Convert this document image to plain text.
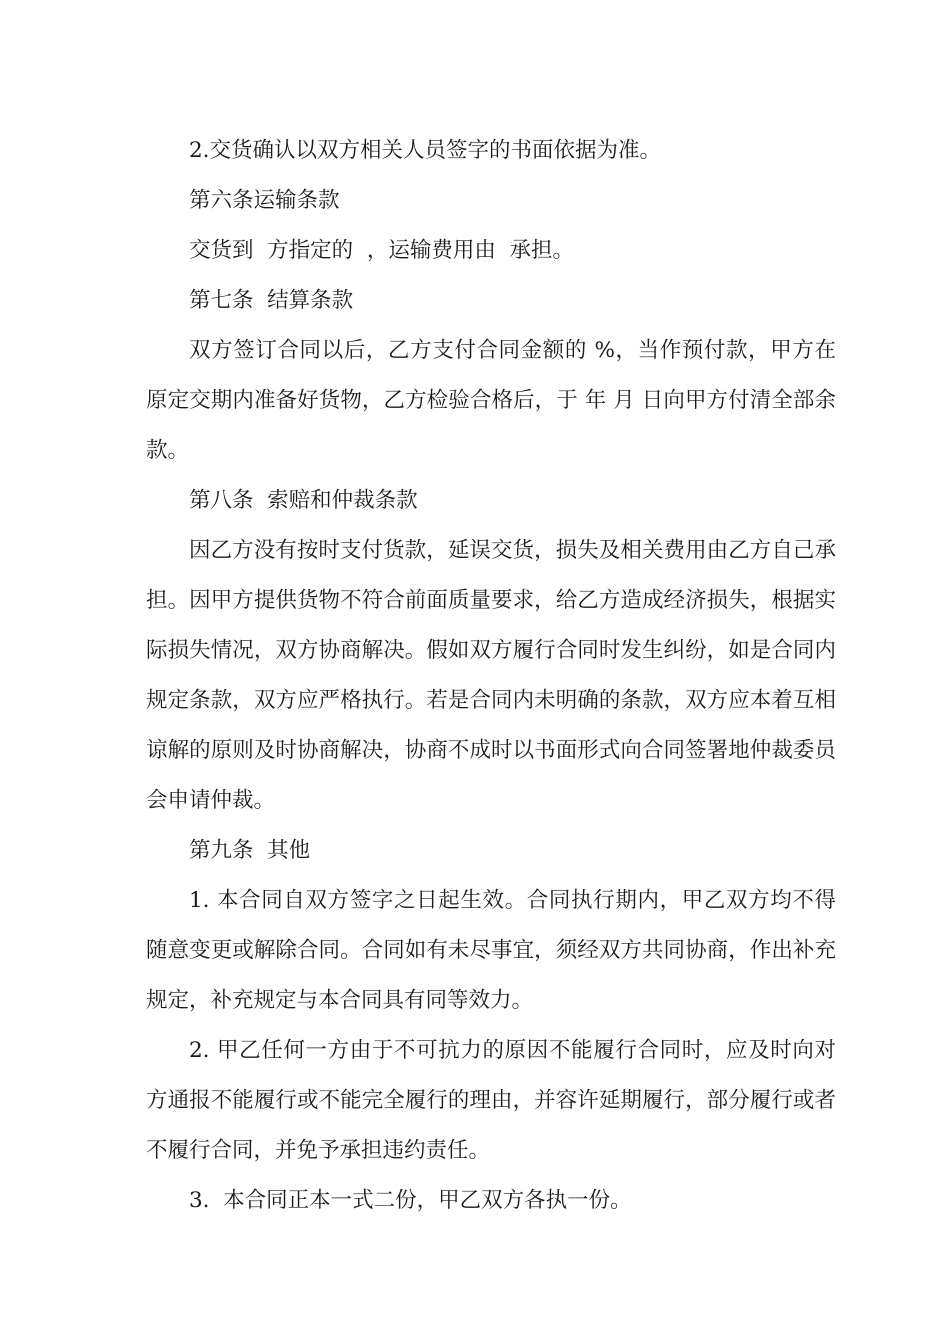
2.交货确认以双方相关人员签字的书面依据为准。

第六条运输条款

交货到  方指定的  ，运输费用由  承担。

第七条  结算条款

双方签订合同以后，乙方支付合同金额的 %，当作预付款，甲方在原定交期内准备好货物，乙方检验合格后，于 年 月 日向甲方付清全部余款。

第八条  索赔和仲裁条款

因乙方没有按时支付货款，延误交货，损失及相关费用由乙方自己承担。因甲方提供货物不符合前面质量要求，给乙方造成经济损失，根据实际损失情况，双方协商解决。假如双方履行合同时发生纠纷，如是合同内规定条款，双方应严格执行。若是合同内未明确的条款，双方应本着互相谅解的原则及时协商解决，协商不成时以书面形式向合同签署地仲裁委员会申请仲裁。

第九条  其他

1. 本合同自双方签字之日起生效。合同执行期内，甲乙双方均不得随意变更或解除合同。合同如有未尽事宜，须经双方共同协商，作出补充规定，补充规定与本合同具有同等效力。

2. 甲乙任何一方由于不可抗力的原因不能履行合同时，应及时向对方通报不能履行或不能完全履行的理由，并容许延期履行，部分履行或者不履行合同，并免予承担违约责任。

3.  本合同正本一式二份，甲乙双方各执一份。
